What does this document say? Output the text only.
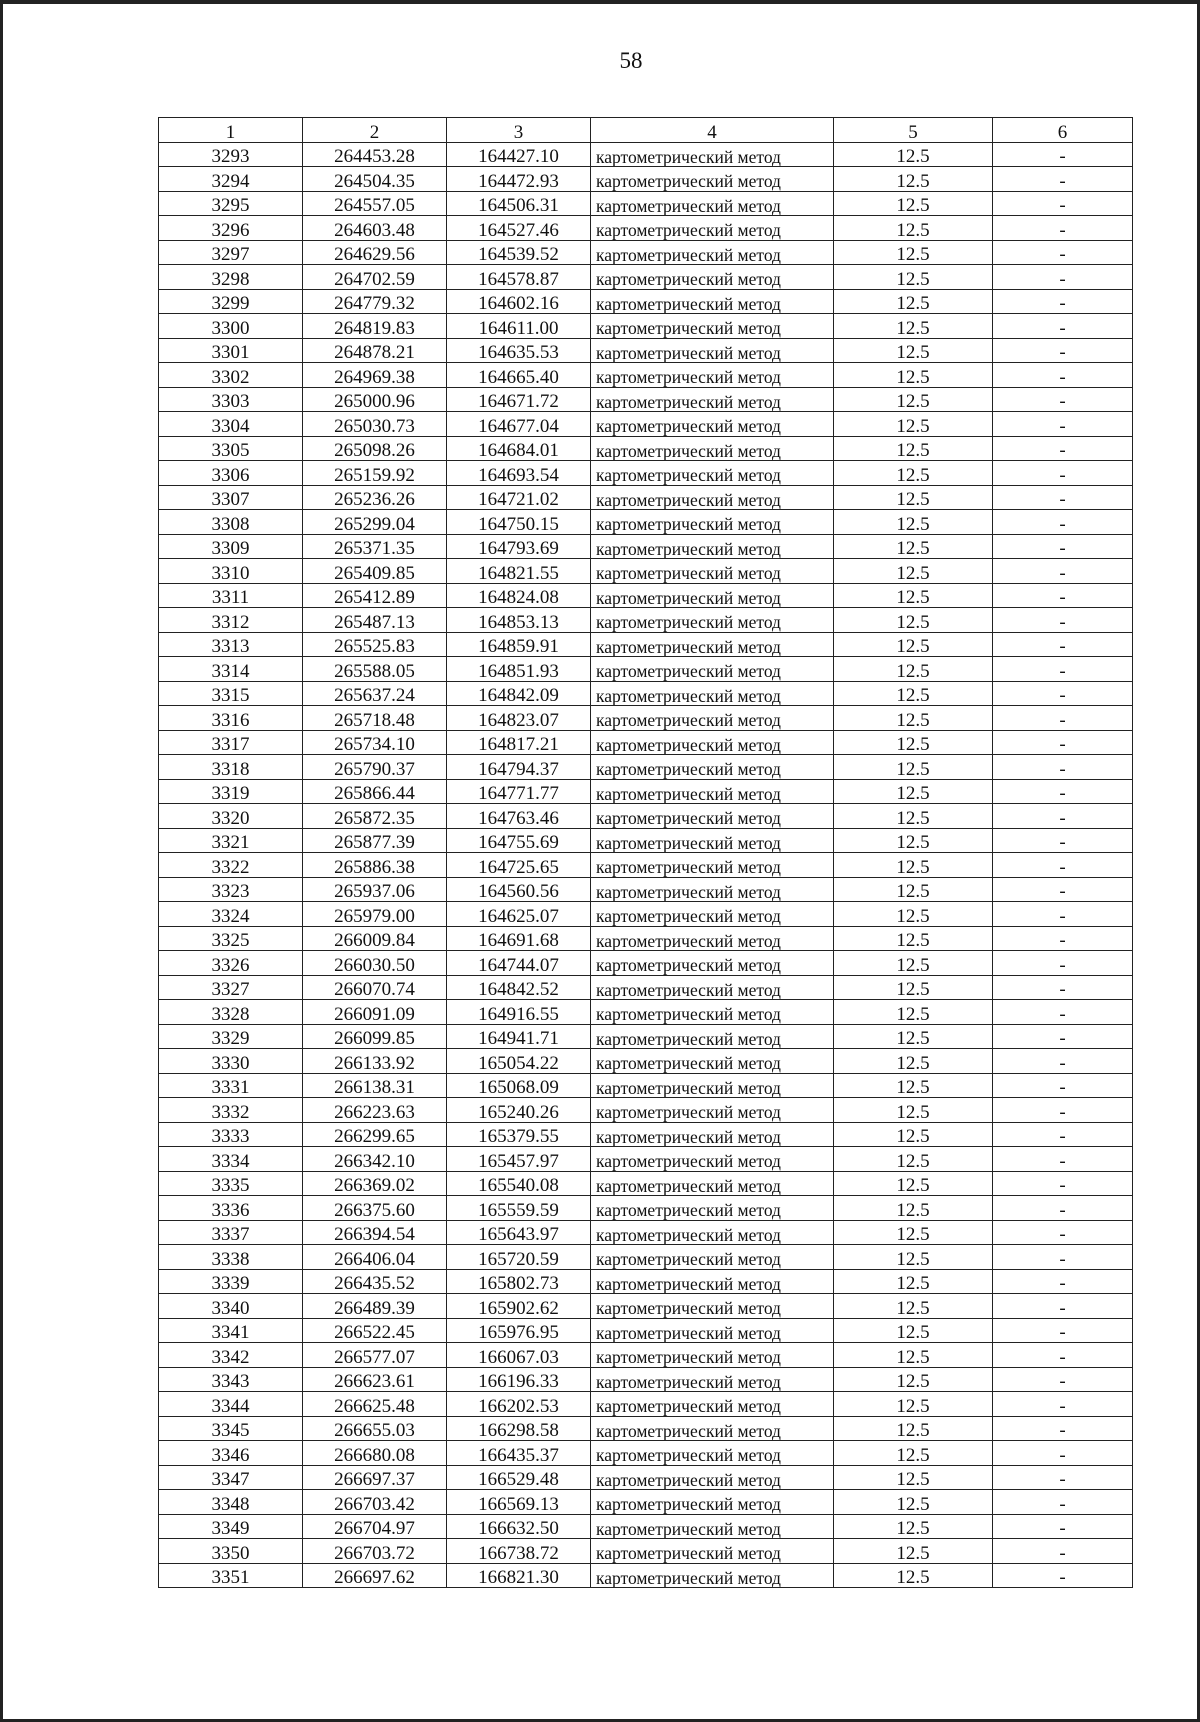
58
1	2	3	4	5	6
3293	264453.28	164427.10	картометрический метод	12.5	-
3294	264504.35	164472.93	картометрический метод	12.5	-
3295	264557.05	164506.31	картометрический метод	12.5	-
3296	264603.48	164527.46	картометрический метод	12.5	-
3297	264629.56	164539.52	картометрический метод	12.5	-
3298	264702.59	164578.87	картометрический метод	12.5	-
3299	264779.32	164602.16	картометрический метод	12.5	-
3300	264819.83	164611.00	картометрический метод	12.5	-
3301	264878.21	164635.53	картометрический метод	12.5	-
3302	264969.38	164665.40	картометрический метод	12.5	-
3303	265000.96	164671.72	картометрический метод	12.5	-
3304	265030.73	164677.04	картометрический метод	12.5	-
3305	265098.26	164684.01	картометрический метод	12.5	-
3306	265159.92	164693.54	картометрический метод	12.5	-
3307	265236.26	164721.02	картометрический метод	12.5	-
3308	265299.04	164750.15	картометрический метод	12.5	-
3309	265371.35	164793.69	картометрический метод	12.5	-
3310	265409.85	164821.55	картометрический метод	12.5	-
3311	265412.89	164824.08	картометрический метод	12.5	-
3312	265487.13	164853.13	картометрический метод	12.5	-
3313	265525.83	164859.91	картометрический метод	12.5	-
3314	265588.05	164851.93	картометрический метод	12.5	-
3315	265637.24	164842.09	картометрический метод	12.5	-
3316	265718.48	164823.07	картометрический метод	12.5	-
3317	265734.10	164817.21	картометрический метод	12.5	-
3318	265790.37	164794.37	картометрический метод	12.5	-
3319	265866.44	164771.77	картометрический метод	12.5	-
3320	265872.35	164763.46	картометрический метод	12.5	-
3321	265877.39	164755.69	картометрический метод	12.5	-
3322	265886.38	164725.65	картометрический метод	12.5	-
3323	265937.06	164560.56	картометрический метод	12.5	-
3324	265979.00	164625.07	картометрический метод	12.5	-
3325	266009.84	164691.68	картометрический метод	12.5	-
3326	266030.50	164744.07	картометрический метод	12.5	-
3327	266070.74	164842.52	картометрический метод	12.5	-
3328	266091.09	164916.55	картометрический метод	12.5	-
3329	266099.85	164941.71	картометрический метод	12.5	-
3330	266133.92	165054.22	картометрический метод	12.5	-
3331	266138.31	165068.09	картометрический метод	12.5	-
3332	266223.63	165240.26	картометрический метод	12.5	-
3333	266299.65	165379.55	картометрический метод	12.5	-
3334	266342.10	165457.97	картометрический метод	12.5	-
3335	266369.02	165540.08	картометрический метод	12.5	-
3336	266375.60	165559.59	картометрический метод	12.5	-
3337	266394.54	165643.97	картометрический метод	12.5	-
3338	266406.04	165720.59	картометрический метод	12.5	-
3339	266435.52	165802.73	картометрический метод	12.5	-
3340	266489.39	165902.62	картометрический метод	12.5	-
3341	266522.45	165976.95	картометрический метод	12.5	-
3342	266577.07	166067.03	картометрический метод	12.5	-
3343	266623.61	166196.33	картометрический метод	12.5	-
3344	266625.48	166202.53	картометрический метод	12.5	-
3345	266655.03	166298.58	картометрический метод	12.5	-
3346	266680.08	166435.37	картометрический метод	12.5	-
3347	266697.37	166529.48	картометрический метод	12.5	-
3348	266703.42	166569.13	картометрический метод	12.5	-
3349	266704.97	166632.50	картометрический метод	12.5	-
3350	266703.72	166738.72	картометрический метод	12.5	-
3351	266697.62	166821.30	картометрический метод	12.5	-
